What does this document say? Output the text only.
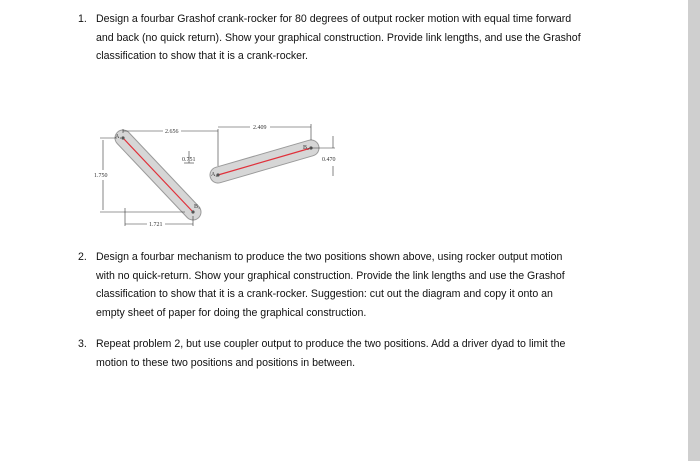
1. Design a fourbar Grashof crank-rocker for 80 degrees of output rocker motion with equal time forward
and back (no quick return). Show your graphical construction. Provide link lengths, and use the Grashof
classification to show that it is a crank-rocker.
A₁
B₁
A₂
B₂
2.656
2.409
0.751	0.470
1.750
1.721
2. Design a fourbar mechanism to produce the two positions shown above, using rocker output motion
with no quick-return. Show your graphical construction. Provide the link lengths and use the Grashof
classification to show that it is a crank-rocker. Suggestion: cut out the diagram and copy it onto an
empty sheet of paper for doing the graphical construction.
3. Repeat problem 2, but use coupler output to produce the two positions. Add a driver dyad to limit the
motion to these two positions and positions in between.
